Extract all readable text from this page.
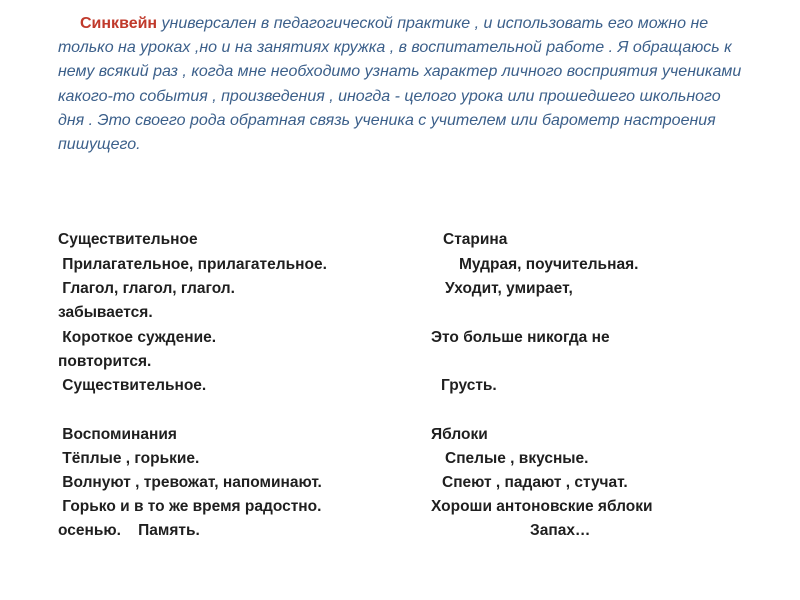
Синквейн универсален в педагогической практике , и использовать его можно не только на уроках ,но и на занятиях кружка , в воспитательной работе . Я обращаюсь к нему всякий раз , когда мне необходимо узнать характер личного восприятия учениками какого-то события , произведения , иногда - целого урока или прошедшего школьного дня . Это своего рода обратная связь ученика с учителем или барометр настроения пишущего.

Существительное
Прилагательное, прилагательное.
Глагол, глагол, глагол.
забывается.
Короткое суждение.
повторится.
Существительное.
Воспоминания
Тёплые , горькие.
Волнуют , тревожат, напоминают.
Горько и в то же время радостно.
осенью.    Память.
Старина
Мудрая, поучительная.
Уходит, умирает,
Это больше никогда не
Грусть.
Яблоки
Спелые , вкусные.
Спеют , падают , стучат.
Хороши антоновские яблоки
Запах…
